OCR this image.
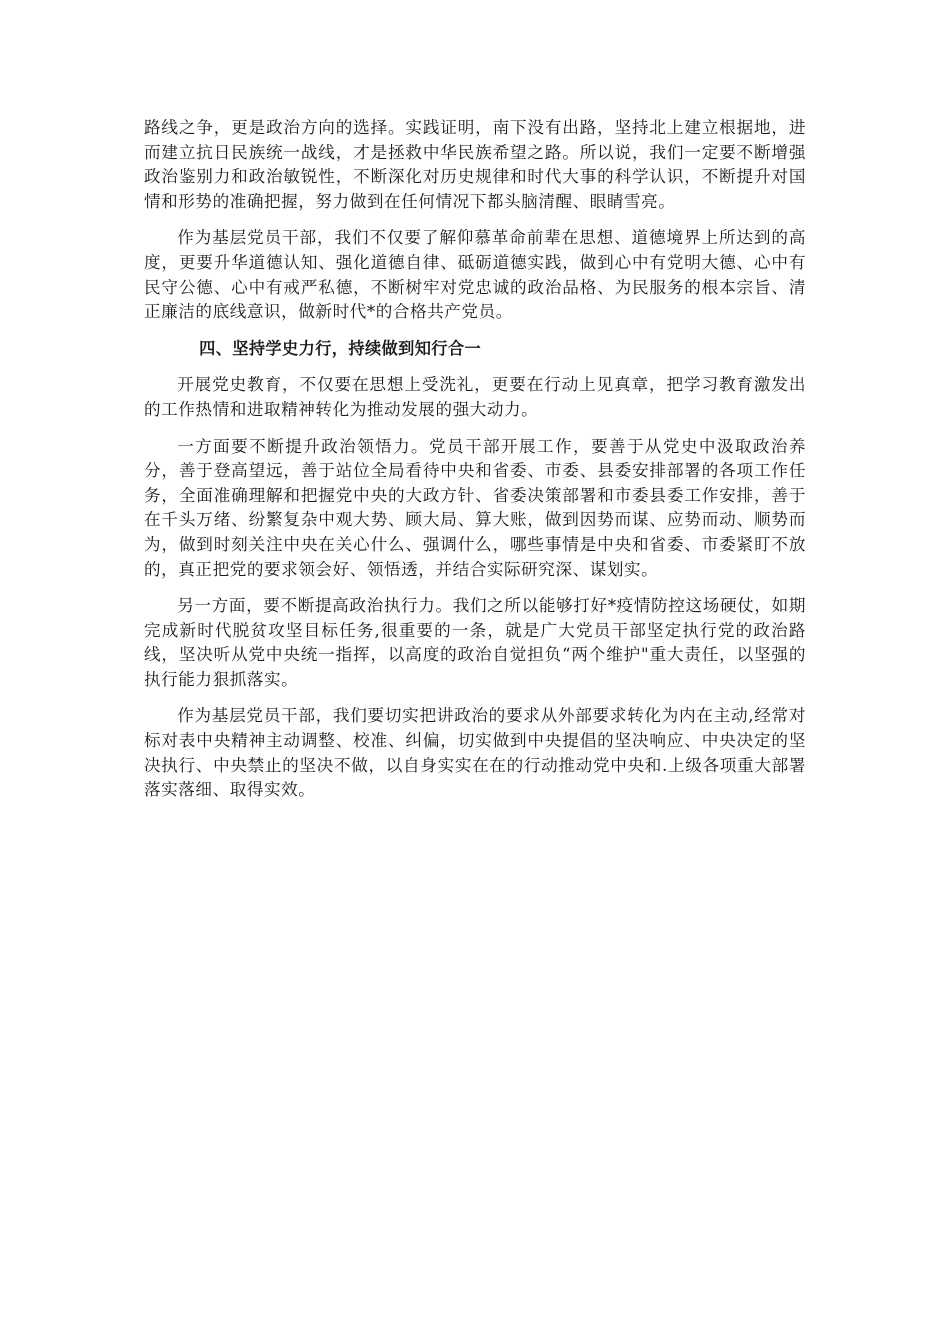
路线之争，更是政治方向的选择。实践证明，南下没有出路，坚持北上建立根据地，进而建立抗日民族统一战线，才是拯救中华民族希望之路。所以说，我们一定要不断增强政治鉴别力和政治敏锐性，不断深化对历史规律和时代大事的科学认识，不断提升对国情和形势的准确把握，努力做到在任何情况下都头脑清醒、眼睛雪亮。

作为基层党员干部，我们不仅要了解仰慕革命前辈在思想、道德境界上所达到的高度，更要升华道德认知、强化道德自律、砥砺道德实践，做到心中有党明大德、心中有民守公德、心中有戒严私德，不断树牢对党忠诚的政治品格、为民服务的根本宗旨、清正廉洁的底线意识，做新时代*的合格共产党员。

四、坚持学史力行，持续做到知行合一

开展党史教育，不仅要在思想上受洗礼，更要在行动上见真章，把学习教育激发出的工作热情和进取精神转化为推动发展的强大动力。

一方面要不断提升政治领悟力。党员干部开展工作，要善于从党史中汲取政治养分，善于登高望远，善于站位全局看待中央和省委、市委、县委安排部署的各项工作任务，全面准确理解和把握党中央的大政方针、省委决策部署和市委县委工作安排，善于在千头万绪、纷繁复杂中观大势、顾大局、算大账，做到因势而谋、应势而动、顺势而为，做到时刻关注中央在关心什么、强调什么，哪些事情是中央和省委、市委紧盯不放的，真正把党的要求领会好、领悟透，并结合实际研究深、谋划实。

另一方面，要不断提高政治执行力。我们之所以能够打好*疫情防控这场硬仗，如期完成新时代脱贫攻坚目标任务,很重要的一条，就是广大党员干部坚定执行党的政治路线，坚决听从党中央统一指挥，以高度的政治自觉担负“两个维护"重大责任，以坚强的执行能力狠抓落实。

作为基层党员干部，我们要切实把讲政治的要求从外部要求转化为内在主动,经常对标对表中央精神主动调整、校准、纠偏，切实做到中央提倡的坚决响应、中央决定的坚决执行、中央禁止的坚决不做，以自身实实在在的行动推动党中央和.上级各项重大部署落实落细、取得实效。
